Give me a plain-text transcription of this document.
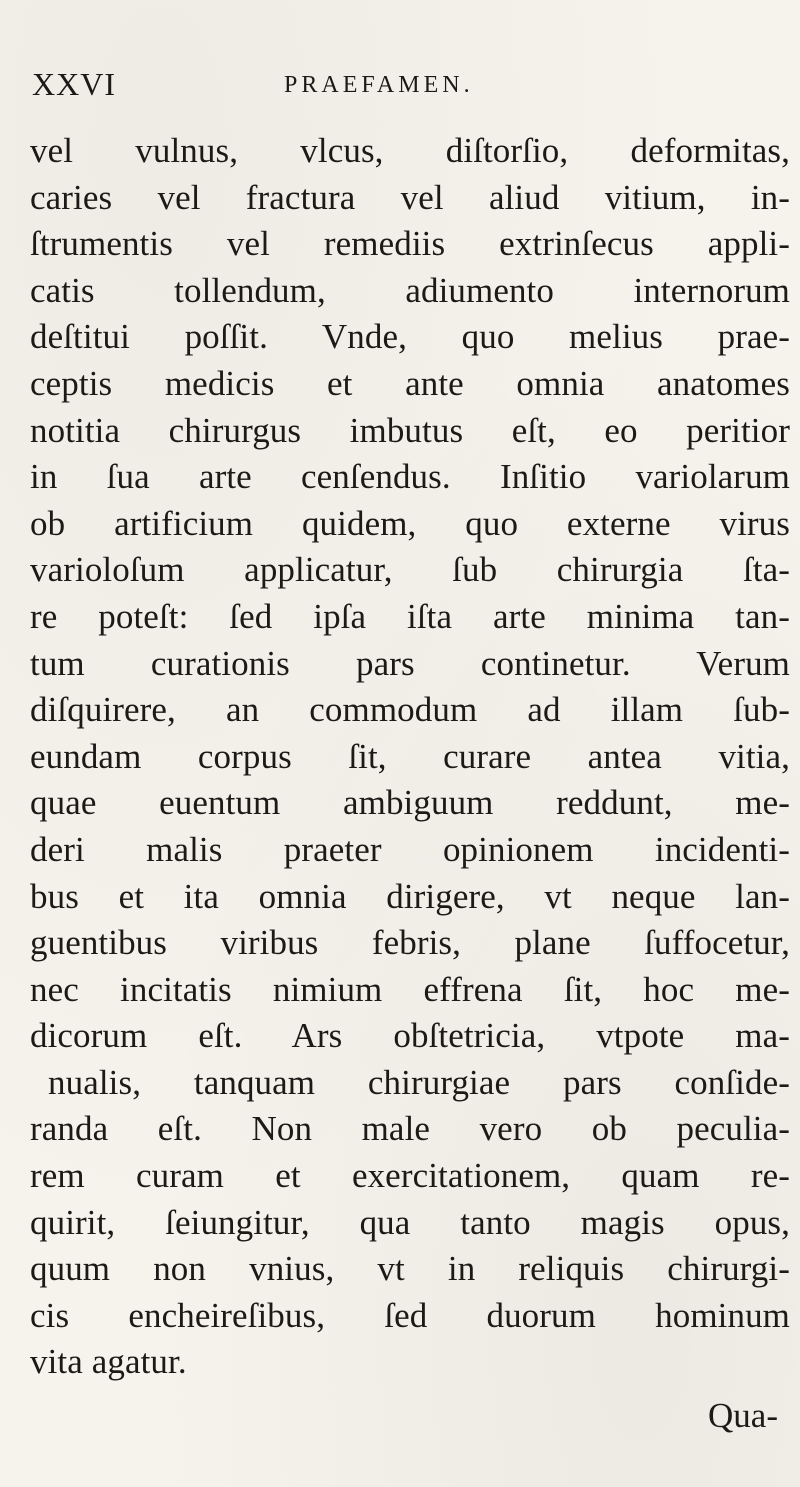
XXVI	PRAEFAMEN.
vel vulnus, vlcus, diſtorſio, deformitas,
caries vel fractura vel aliud vitium, in-
ſtrumentis vel remediis extrinſecus appli-
catis tollendum, adiumento internorum
deſtitui poſſit. Vnde, quo melius prae-
ceptis medicis et ante omnia anatomes
notitia chirurgus imbutus eſt, eo peritior
in ſua arte cenſendus. Inſitio variolarum
ob artificium quidem, quo externe virus
varioloſum applicatur, ſub chirurgia ſta-
re poteſt: ſed ipſa iſta arte minima tan-
tum curationis pars continetur. Verum
diſquirere, an commodum ad illam ſub-
eundam corpus ſit, curare antea vitia,
quae euentum ambiguum reddunt, me-
deri malis praeter opinionem incidenti-
bus et ita omnia dirigere, vt neque lan-
guentibus viribus febris, plane ſuffocetur,
nec incitatis nimium effrena ſit, hoc me-
dicorum eſt. Ars obſtetricia, vtpote ma-
nualis, tanquam chirurgiae pars conſide-
randa eſt. Non male vero ob peculia-
rem curam et exercitationem, quam re-
quirit, ſeiungitur, qua tanto magis opus,
quum non vnius, vt in reliquis chirurgi-
cis encheireſibus, ſed duorum hominum
vita agatur.
Qua-
